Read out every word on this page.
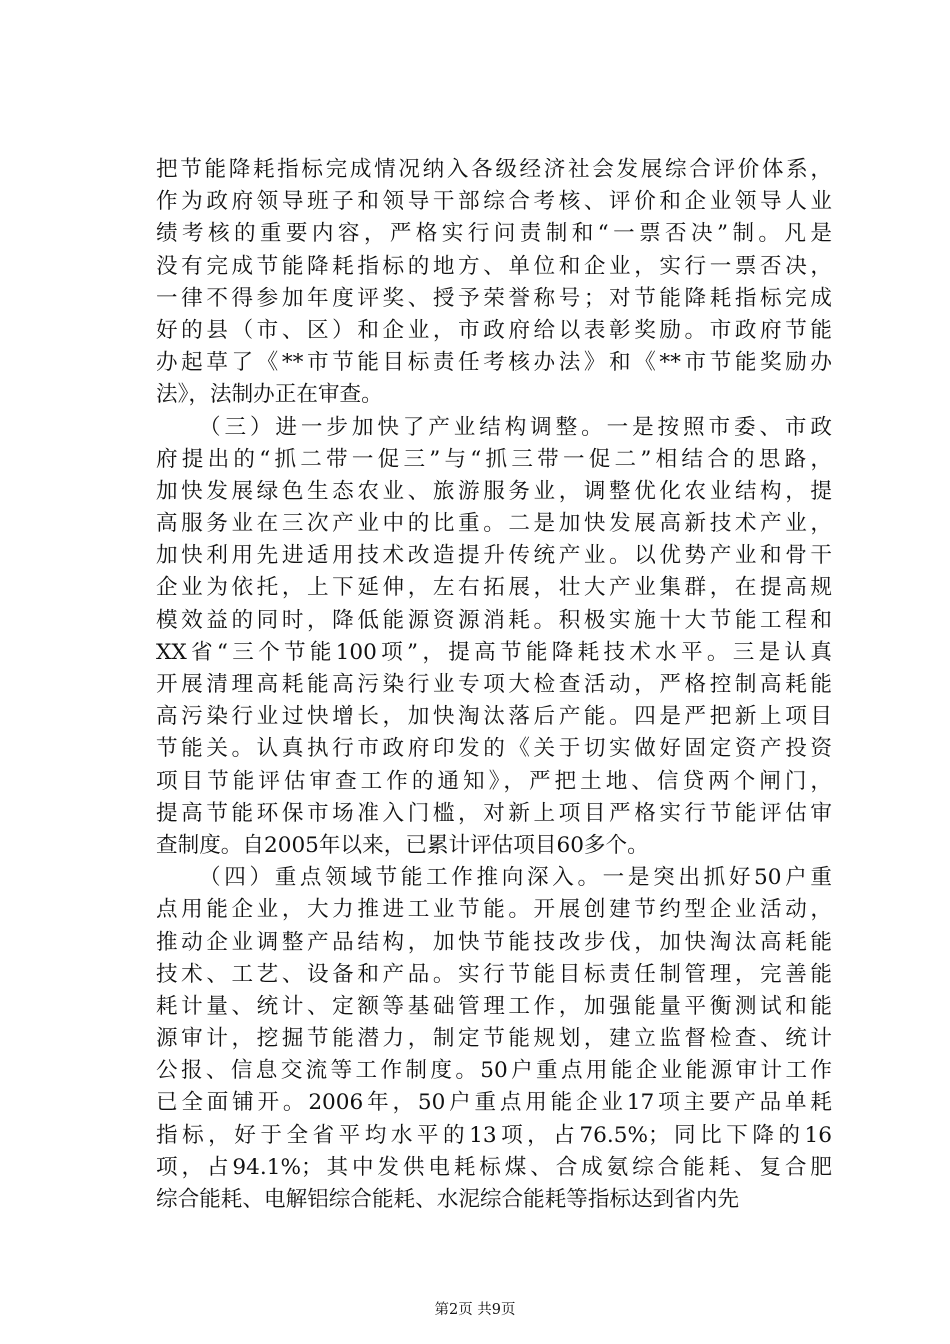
把节能降耗指标完成情况纳入各级经济社会发展综合评价体系，
作为政府领导班子和领导干部综合考核、评价和企业领导人业
绩考核的重要内容，严格实行问责制和“一票否决”制。凡是
没有完成节能降耗指标的地方、单位和企业，实行一票否决，
一律不得参加年度评奖、授予荣誉称号；对节能降耗指标完成
好的县（市、区）和企业，市政府给以表彰奖励。市政府节能
办起草了《**市节能目标责任考核办法》和《**市节能奖励办
法》，法制办正在审查。
（三）进一步加快了产业结构调整。一是按照市委、市政
府提出的“抓二带一促三”与“抓三带一促二”相结合的思路，
加快发展绿色生态农业、旅游服务业，调整优化农业结构，提
高服务业在三次产业中的比重。二是加快发展高新技术产业，
加快利用先进适用技术改造提升传统产业。以优势产业和骨干
企业为依托，上下延伸，左右拓展，壮大产业集群，在提高规
模效益的同时，降低能源资源消耗。积极实施十大节能工程和
XX省“三个节能100项”，提高节能降耗技术水平。三是认真
开展清理高耗能高污染行业专项大检查活动，严格控制高耗能
高污染行业过快增长，加快淘汰落后产能。四是严把新上项目
节能关。认真执行市政府印发的《关于切实做好固定资产投资
项目节能评估审查工作的通知》，严把土地、信贷两个闸门，
提高节能环保市场准入门槛，对新上项目严格实行节能评估审
查制度。自2005年以来，已累计评估项目60多个。
（四）重点领域节能工作推向深入。一是突出抓好50户重
点用能企业，大力推进工业节能。开展创建节约型企业活动，
推动企业调整产品结构，加快节能技改步伐，加快淘汰高耗能
技术、工艺、设备和产品。实行节能目标责任制管理，完善能
耗计量、统计、定额等基础管理工作，加强能量平衡测试和能
源审计，挖掘节能潜力，制定节能规划，建立监督检查、统计
公报、信息交流等工作制度。50户重点用能企业能源审计工作
已全面铺开。2006年，50户重点用能企业17项主要产品单耗
指标，好于全省平均水平的13项，占76.5%；同比下降的16
项，占94.1%；其中发供电耗标煤、合成氨综合能耗、复合肥
综合能耗、电解铝综合能耗、水泥综合能耗等指标达到省内先
第2页 共9页
